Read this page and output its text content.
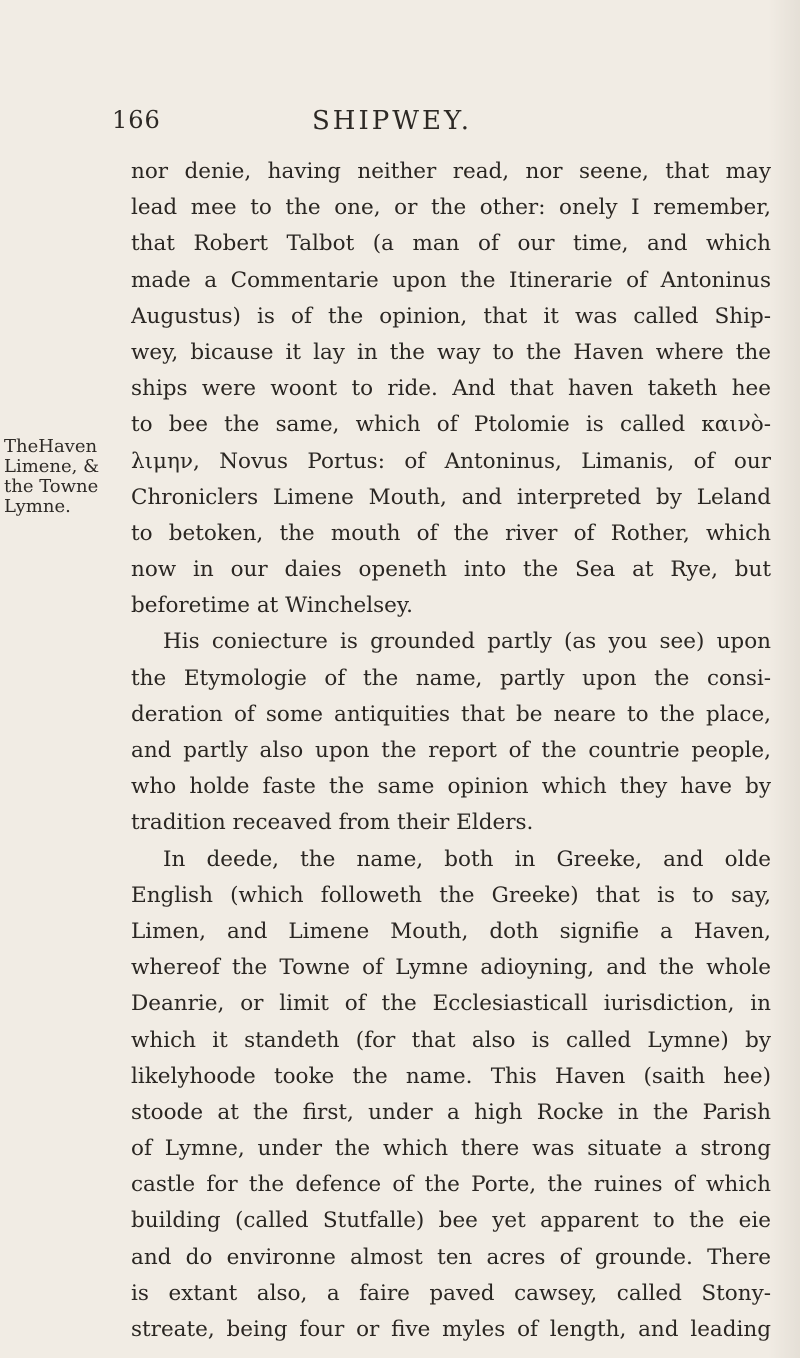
166	SHIPWEY.
TheHaven
Limene, &
the Towne
Lymne.
nor denie, having neither read, nor seene, that may
lead mee to the one, or the other: onely I remember,
that Robert Talbot (a man of our time, and which
made a Commentarie upon the Itinerarie of Antoninus
Augustus) is of the opinion, that it was called Ship-
wey, bicause it lay in the way to the Haven where the
ships were woont to ride. And that haven taketh hee
to bee the same, which of Ptolomie is called καινὸ-
λιμην, Novus Portus: of Antoninus, Limanis, of our
Chroniclers Limene Mouth, and interpreted by Leland
to betoken, the mouth of the river of Rother, which
now in our daies openeth into the Sea at Rye, but
beforetime at Winchelsey.
His coniecture is grounded partly (as you see) upon
the Etymologie of the name, partly upon the consi-
deration of some antiquities that be neare to the place,
and partly also upon the report of the countrie people,
who holde faste the same opinion which they have by
tradition receaved from their Elders.
In deede, the name, both in Greeke, and olde
English (which followeth the Greeke) that is to say,
Limen, and Limene Mouth, doth signifie a Haven,
whereof the Towne of Lymne adioyning, and the whole
Deanrie, or limit of the Ecclesiasticall iurisdiction, in
which it standeth (for that also is called Lymne) by
likelyhoode tooke the name. This Haven (saith hee)
stoode at the first, under a high Rocke in the Parish
of Lymne, under the which there was situate a strong
castle for the defence of the Porte, the ruines of which
building (called Stutfalle) bee yet apparent to the eie
and do environne almost ten acres of grounde. There
is extant also, a faire paved cawsey, called Stony-
streate, being four or five myles of length, and leading
